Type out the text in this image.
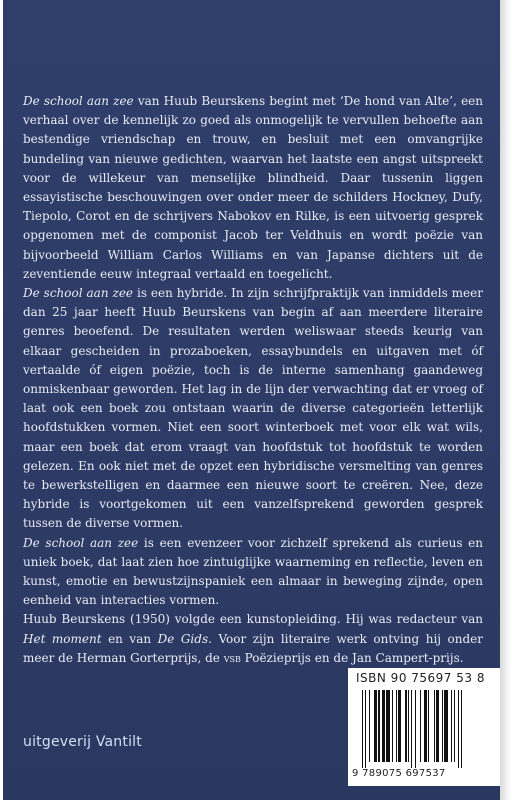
De school aan zee van Huub Beurskens begint met ‘De hond van Alte’, een verhaal over de kennelijk zo goed als onmogelijk te vervullen behoefte aan bestendige vriendschap en trouw, en besluit met een omvangrijke bundeling van nieuwe gedichten, waarvan het laatste een angst uitspreekt voor de willekeur van menselijke blindheid. Daar tussenin liggen essayistische beschouwingen over onder meer de schilders Hockney, Dufy, Tiepolo, Corot en de schrijvers Nabokov en Rilke, is een uitvoerig gesprek opgenomen met de componist Jacob ter Veldhuis en wordt poëzie van bijvoorbeeld William Carlos Williams en van Japanse dichters uit de zeventiende eeuw integraal vertaald en toegelicht.

De school aan zee is een hybride. In zijn schrijfpraktijk van inmiddels meer dan 25 jaar heeft Huub Beurskens van begin af aan meerdere literaire genres beoefend. De resultaten werden weliswaar steeds keurig van elkaar gescheiden in prozaboeken, essaybundels en uitgaven met óf vertaalde óf eigen poëzie, toch is de interne samenhang gaandeweg onmiskenbaar geworden. Het lag in de lijn der verwachting dat er vroeg of laat ook een boek zou ontstaan waarin de diverse categorieën letterlijk hoofdstukken vormen. Niet een soort winterboek met voor elk wat wils, maar een boek dat erom vraagt van hoofdstuk tot hoofdstuk te worden gelezen. En ook niet met de opzet een hybridische versmelting van genres te bewerkstelligen en daarmee een nieuwe soort te creëren. Nee, deze hybride is voortgekomen uit een vanzelfsprekend geworden gesprek tussen de diverse vormen.

De school aan zee is een evenzeer voor zichzelf sprekend als curieus en uniek boek, dat laat zien hoe zintuiglijke waarneming en reflectie, leven en kunst, emotie en bewustzijnspaniek een almaar in beweging zijnde, open eenheid van interacties vormen.

Huub Beurskens (1950) volgde een kunstopleiding. Hij was redacteur van Het moment en van De Gids. Voor zijn literaire werk ontving hij onder meer de Herman Gorterprijs, de vsb Poëzieprijs en de Jan Campert-prijs.

uitgeverij Vantilt
ISBN 90 75697 53 8
9 789075 697537
